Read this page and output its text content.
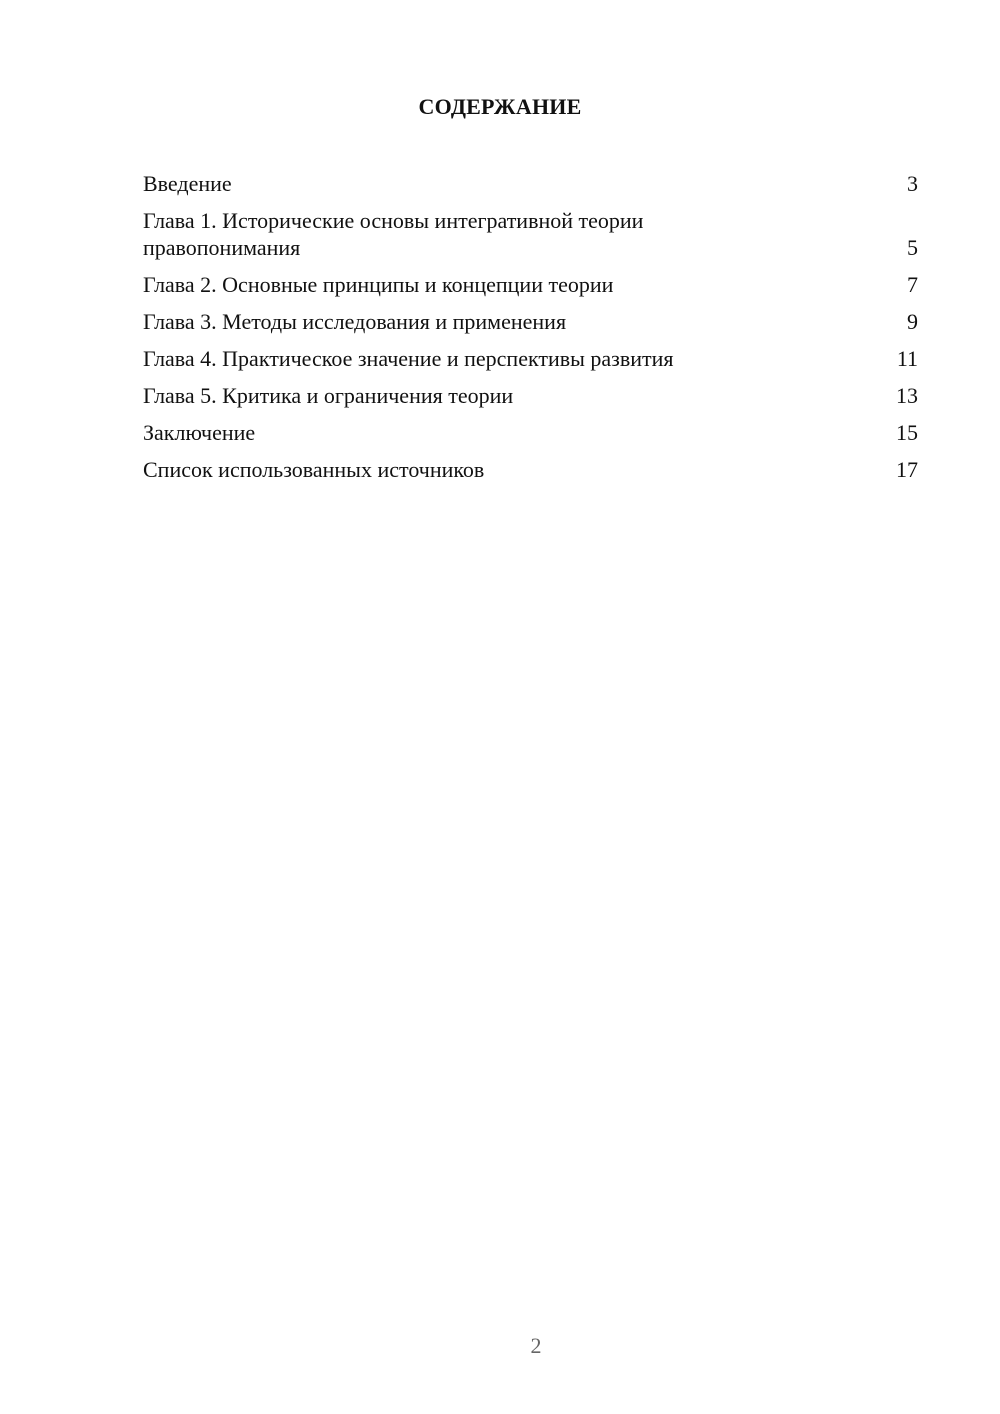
СОДЕРЖАНИЕ
Введение	3
Глава 1. Исторические основы интегративной теории правопонимания	5
Глава 2. Основные принципы и концепции теории	7
Глава 3. Методы исследования и применения	9
Глава 4. Практическое значение и перспективы развития	11
Глава 5. Критика и ограничения теории	13
Заключение	15
Список использованных источников	17
2
